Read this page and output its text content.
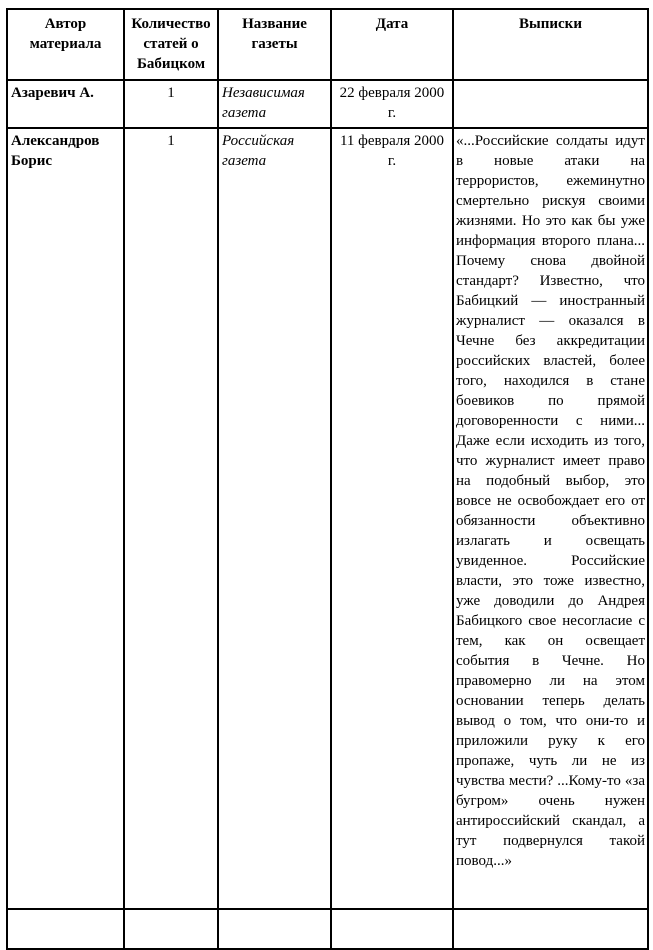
Автор материала	Количество статей о Бабицком	Название газеты	Дата	Выписки
Азаревич А.	1	Независимая газета	22 февраля 2000 г.	
Александров Борис	1	Российская газета	11 февраля 2000 г.	«...Российские солдаты идут в новые атаки на террористов, ежеминутно смертельно рискуя своими жизнями. Но это как бы уже информация второго плана... Почему снова двойной стандарт? Известно, что Бабицкий — иностранный журналист — оказался в Чечне без аккредитации российских властей, более того, находился в стане боевиков по прямой договоренности с ними... Даже если исходить из того, что журналист имеет право на подобный выбор, это вовсе не освобождает его от обязанности объективно излагать и освещать увиденное. Российские власти, это тоже известно, уже доводили до Андрея Бабицкого свое несогласие с тем, как он освещает события в Чечне. Но правомерно ли на этом основании теперь делать вывод о том, что они-то и приложили руку к его пропаже, чуть ли не из чувства мести? ...Кому-то «за бугром» очень нужен антироссийский скандал, а тут подвернулся такой повод...»
